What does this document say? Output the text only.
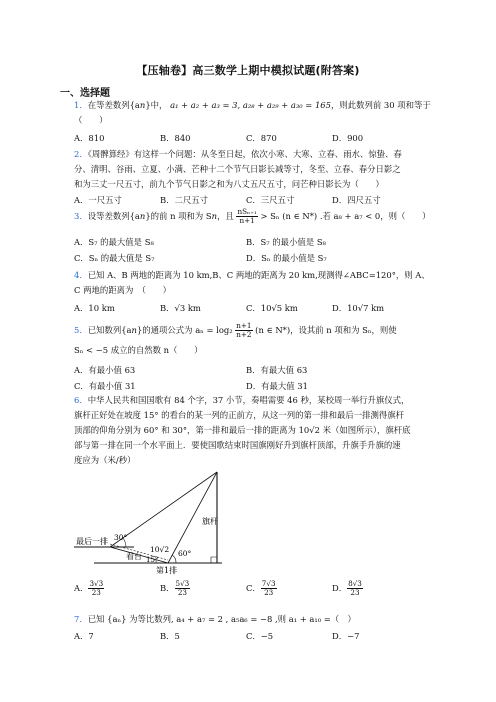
【压轴卷】高三数学上期中模拟试题(附答案)
一、选择题
1．在等差数列{an}中， a₁ + a₂ + a₃ = 3, a₂₈ + a₂₉ + a₃₀ = 165，则此数列前 30 项和等于
（　　）
A．810	B．840	C．870	D．900
2．《周髀算经》有这样一个问题：从冬至日起，依次小寒、大寒、立春、雨水、惊蛰、春
分、清明、谷雨、立夏、小满、芒种十二个节气日影长减等寸，冬至、立春、春分日影之
和为三丈一尺五寸，前九个节气日影之和为八丈五尺五寸，问芒种日影长为（　　）
A．一尺五寸	B．二尺五寸	C．三尺五寸	D．四尺五寸
3．设等差数列{an}的前 n 项和为 Sn，且 $\frac{\text{nSₙ₊₁}}{n+1} > S_n$ (n ∈ N*) .若 a₈ + a₇ < 0，则（　　）
A．S₇ 的最大值是 S₈	B．S₇ 的最小值是 S₈
C．Sₙ 的最大值是 S₇	D．Sₙ 的最小值是 S₇
4．已知 A、B 两地的距离为 10 km,B、C 两地的距离为 20 km,现测得∠ABC=120°，则 A、
C 两地的距离为　（　　）
A．10 km	B．√3 km	C．10√5 km	D．10√7 km
5．已知数列{an}的通项公式为 $a_n = \log_2 \frac{n+1}{n+2} (n$ ∈ N*)，设其前 n 项和为 Sₙ，则使
Sₙ < −5 成立的自然数 n（　　）
A．有最小值 63	B．有最大值 63
C．有最小值 31	D．有最大值 31
6．中华人民共和国国歌有 84 个字，37 小节，奏唱需要 46 秒，某校周一举行升旗仪式，
旗杆正好处在坡度 15° 的看台的某一列的正前方，从这一列的第一排和最后一排测得旗杆
顶部的仰角分别为 60° 和 30°，第一排和最后一排的距离为 10√2 米（如图所示），旗杆底
部与第一排在同一个水平面上．要使国歌结束时国旗刚好升到旗杆顶部，升旗手升旗的速
度应为（米/秒）
最后一排 30°
60°
10√2
看台 15°
旗杆
第1排
A． $\frac{3√3}{23}$	B． $\frac{5√3}{23}$	C． $\frac{7√3}{23}$	D． $\frac{8√3}{23}$
7．已知 {aₙ} 为等比数列, a₄ + a₇ = 2 , a₅a₆ = −8 ,则 a₁ + a₁₀ =（　）
A．7	B．5	C．−5	D．−7
